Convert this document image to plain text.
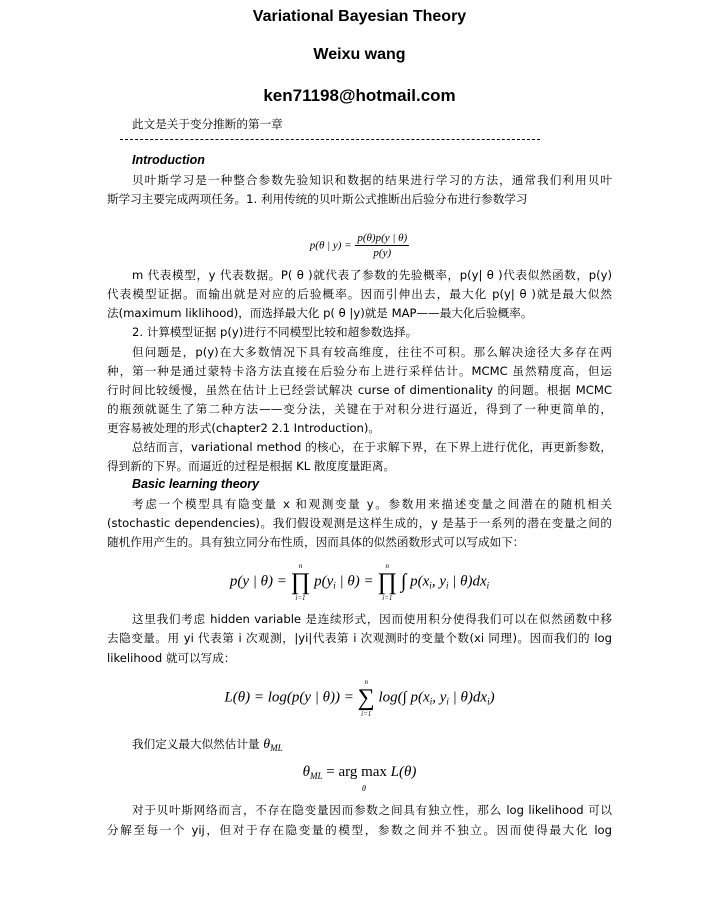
Variational Bayesian Theory
Weixu wang
ken71198@hotmail.com
此文是关于变分推断的第一章
Introduction
贝叶斯学习是一种整合参数先验知识和数据的结果进行学习的方法，通常我们利用贝叶
斯学习主要完成两项任务。1. 利用传统的贝叶斯公式推断出后验分布进行参数学习
p(θ | $y) = \frac{p(\theta)p(y | \theta)}{p(y)}$
m 代表模型，y 代表数据。P( θ )就代表了参数的先验概率，p(y| θ )代表似然函数，p(y)
代表模型证据。而输出就是对应的后验概率。因而引伸出去，最大化 p(y| θ )就是最大似然
法(maximum liklihood)，而选择最大化 p( θ |y)就是 MAP——最大化后验概率。
2. 计算模型证据 p(y)进行不同模型比较和超参数选择。
但问题是，p(y)在大多数情况下具有较高维度，往往不可积。那么解决途径大多存在两
种，第一种是通过蒙特卡洛方法直接在后验分布上进行采样估计。MCMC 虽然精度高，但运
行时间比较缓慢，虽然在估计上已经尝试解决 curse of dimentionality 的问题。根据 MCMC
的瓶颈就诞生了第二种方法——变分法，关键在于对积分进行逼近，得到了一种更简单的，
更容易被处理的形式(chapter2 2.1 Introduction)。
总结而言，variational method 的核心，在于求解下界，在下界上进行优化，再更新参数，
得到新的下界。而逼近的过程是根据 KL 散度度量距离。
Basic learning theory
考虑一个模型具有隐变量 x 和观测变量 y。参数用来描述变量之间潜在的随机相关
(stochastic dependencies)。我们假设观测是这样生成的，y 是基于一系列的潜在变量之间的
随机作用产生的。具有独立同分布性质，因而具体的似然函数形式可以写成如下：
p(y | θ) =
n
∏
i=1
$p(y_i$ | θ) =
n
∏
i=1
∫ $p(x_i$, $y_i$ | $\theta)dx_i$
这里我们考虑 hidden variable 是连续形式，因而使用积分使得我们可以在似然函数中移
去隐变量。用 yi 代表第 i 次观测，|yi|代表第 i 次观测时的变量个数(xi 同理)。因而我们的 log
likelihood 就可以写成：
L(θ) = log(p(y | θ)) =
n
∑
i=1
log(∫ $p(x_i$, $y_i$ | $\theta)dx_i$)
我们定义最大似然估计量 $\theta_{ML}$
$\theta_{ML}$ = arg max L(θ)
θ
对于贝叶斯网络而言，不存在隐变量因而参数之间具有独立性，那么 log likelihood 可以
分解至每一个 yij，但对于存在隐变量的模型，参数之间并不独立。因而使得最大化 log
